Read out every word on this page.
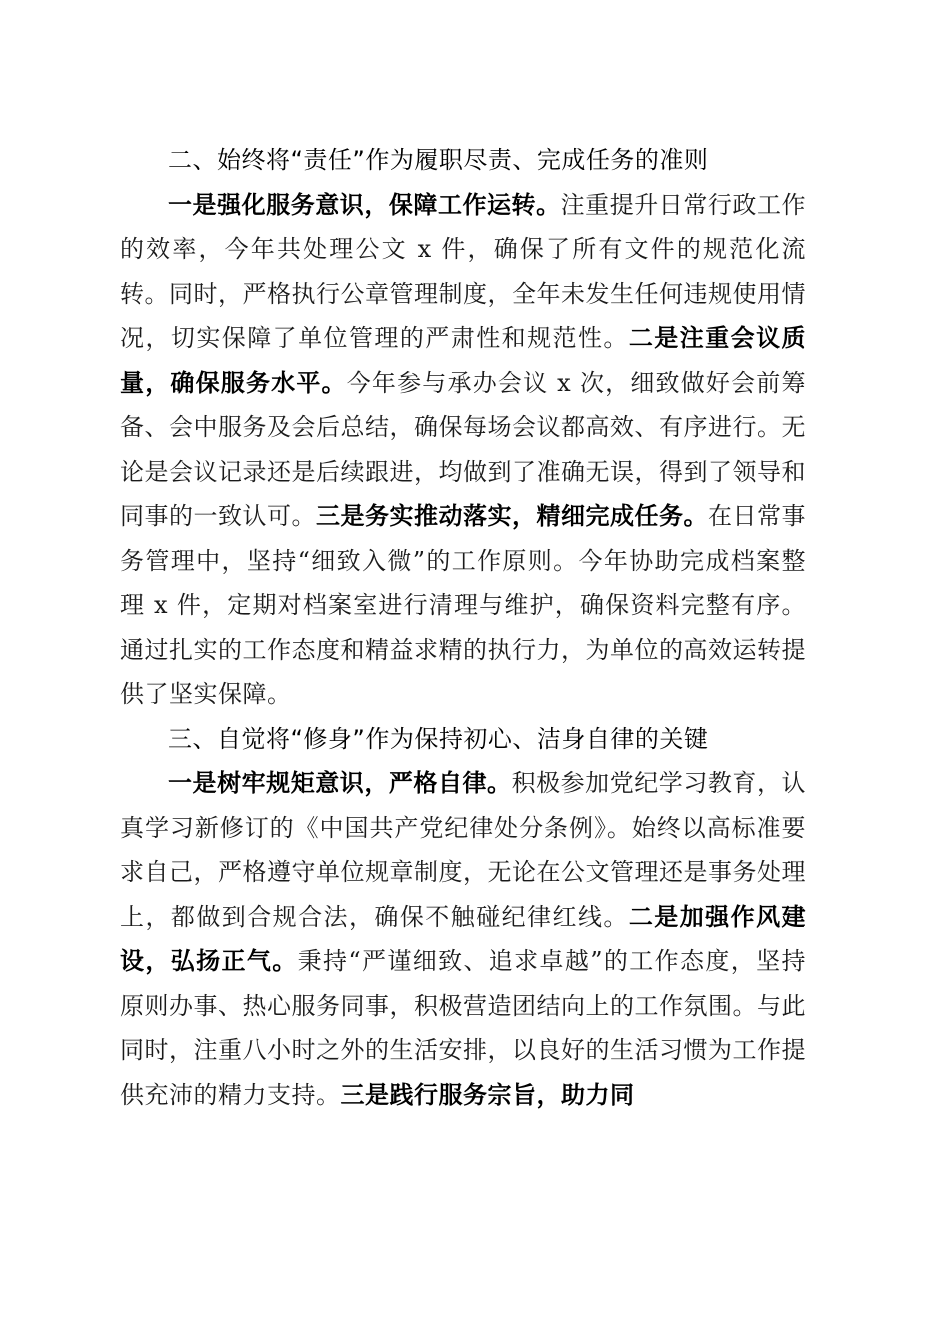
二、始终将“责任”作为履职尽责、完成任务的准则

一是强化服务意识，保障工作运转。注重提升日常行政工作的效率，今年共处理公文 x 件，确保了所有文件的规范化流转。同时，严格执行公章管理制度，全年未发生任何违规使用情况，切实保障了单位管理的严肃性和规范性。二是注重会议质量，确保服务水平。今年参与承办会议 x 次，细致做好会前筹备、会中服务及会后总结，确保每场会议都高效、有序进行。无论是会议记录还是后续跟进，均做到了准确无误，得到了领导和同事的一致认可。三是务实推动落实，精细完成任务。在日常事务管理中，坚持“细致入微”的工作原则。今年协助完成档案整理 x 件，定期对档案室进行清理与维护，确保资料完整有序。通过扎实的工作态度和精益求精的执行力，为单位的高效运转提供了坚实保障。

三、自觉将“修身”作为保持初心、洁身自律的关键

一是树牢规矩意识，严格自律。积极参加党纪学习教育，认真学习新修订的《中国共产党纪律处分条例》。始终以高标准要求自己，严格遵守单位规章制度，无论在公文管理还是事务处理上，都做到合规合法，确保不触碰纪律红线。二是加强作风建设，弘扬正气。秉持“严谨细致、追求卓越”的工作态度，坚持原则办事、热心服务同事，积极营造团结向上的工作氛围。与此同时，注重八小时之外的生活安排，以良好的生活习惯为工作提供充沛的精力支持。三是践行服务宗旨，助力同
